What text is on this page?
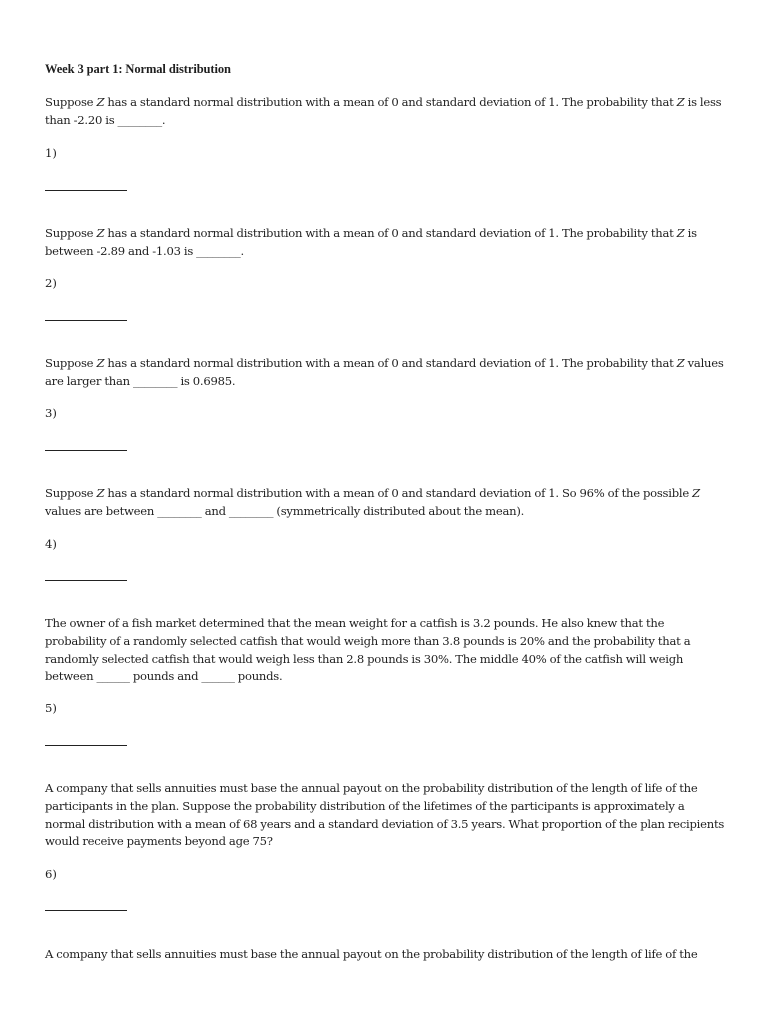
Week 3 part 1: Normal distribution
Suppose Z has a standard normal distribution with a mean of 0 and standard deviation of 1. The probability that Z is less than -2.20 is ________.
1)
Suppose Z has a standard normal distribution with a mean of 0 and standard deviation of 1. The probability that Z is between -2.89 and -1.03 is ________.
2)
Suppose Z has a standard normal distribution with a mean of 0 and standard deviation of 1. The probability that Z values are larger than ________ is 0.6985.
3)
Suppose Z has a standard normal distribution with a mean of 0 and standard deviation of 1. So 96% of the possible Z values are between ________ and ________ (symmetrically distributed about the mean).
4)
The owner of a fish market determined that the mean weight for a catfish is 3.2 pounds. He also knew that the probability of a randomly selected catfish that would weigh more than 3.8 pounds is 20% and the probability that a randomly selected catfish that would weigh less than 2.8 pounds is 30%. The middle 40% of the catfish will weigh between ______ pounds and ______ pounds.
5)
A company that sells annuities must base the annual payout on the probability distribution of the length of life of the participants in the plan. Suppose the probability distribution of the lifetimes of the participants is approximately a normal distribution with a mean of 68 years and a standard deviation of 3.5 years. What proportion of the plan recipients would receive payments beyond age 75?
6)
A company that sells annuities must base the annual payout on the probability distribution of the length of life of the
